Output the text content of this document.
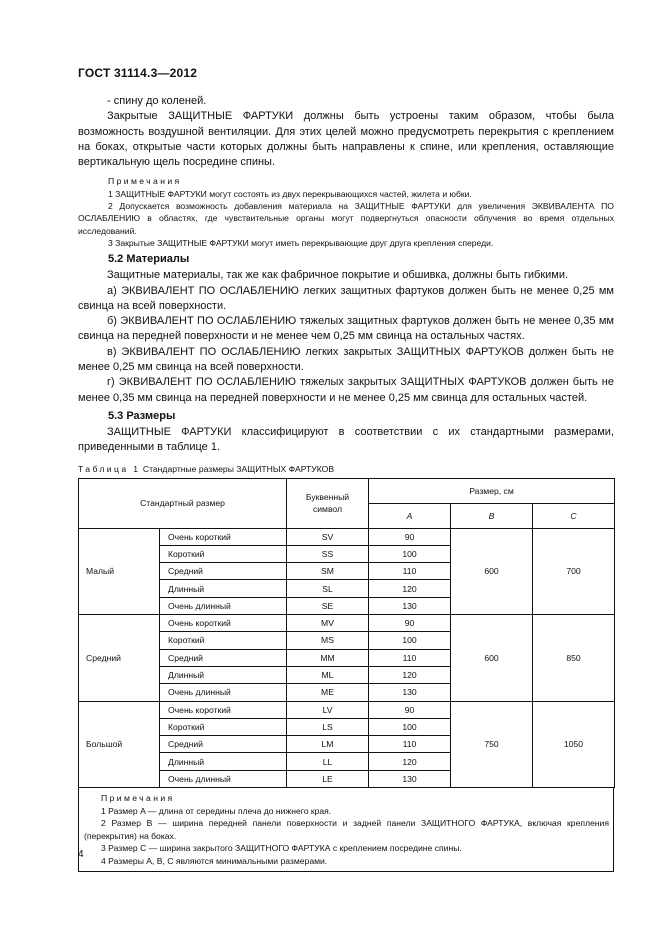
ГОСТ 31114.3—2012

- спину до коленей.

Закрытые ЗАЩИТНЫЕ ФАРТУКИ должны быть устроены таким образом, чтобы была возможность воздушной вентиляции. Для этих целей можно предусмотреть перекрытия с креплением на боках, открытые части которых должны быть направлены к спине, или крепления, оставляющие вертикальную щель посредине спины.

Примечания

1 ЗАЩИТНЫЕ ФАРТУКИ могут состоять из двух перекрывающихся частей, жилета и юбки.

2 Допускается возможность добавления материала на ЗАЩИТНЫЕ ФАРТУКИ для увеличения ЭКВИВАЛЕНТА ПО ОСЛАБЛЕНИЮ в областях, где чувствительные органы могут подвергнуться опасности облучения во время отдельных исследований.

3 Закрытые ЗАЩИТНЫЕ ФАРТУКИ могут иметь перекрывающие друг друга крепления спереди.

5.2 Материалы

Защитные материалы, так же как фабричное покрытие и обшивка, должны быть гибкими.

а) ЭКВИВАЛЕНТ ПО ОСЛАБЛЕНИЮ легких защитных фартуков должен быть не менее 0,25 мм свинца на всей поверхности.

б) ЭКВИВАЛЕНТ ПО ОСЛАБЛЕНИЮ тяжелых защитных фартуков должен быть не менее 0,35 мм свинца на передней поверхности и не менее чем 0,25 мм свинца на остальных частях.

в) ЭКВИВАЛЕНТ ПО ОСЛАБЛЕНИЮ легких закрытых ЗАЩИТНЫХ ФАРТУКОВ должен быть не менее 0,25 мм свинца на всей поверхности.

г) ЭКВИВАЛЕНТ ПО ОСЛАБЛЕНИЮ тяжелых закрытых ЗАЩИТНЫХ ФАРТУКОВ должен быть не менее 0,35 мм свинца на передней поверхности и не менее 0,25 мм свинца для остальных частей.

5.3 Размеры

ЗАЩИТНЫЕ ФАРТУКИ классифицируют в соответствии с их стандартными размерами, приведенными в таблице 1.

Таблица 1 Стандартные размеры ЗАЩИТНЫХ ФАРТУКОВ
Стандартный размер		Буквенный символ	Размер, см		
			A	B	C
Малый	Очень короткий	SV	90	600	700
	Короткий	SS	100		
	Средний	SM	110		
	Длинный	SL	120		
	Очень длинный	SE	130		
Средний	Очень короткий	MV	90	600	850
	Короткий	MS	100		
	Средний	MM	110		
	Длинный	ML	120		
	Очень длинный	ME	130		
Большой	Очень короткий	LV	90	750	1050
	Короткий	LS	100		
	Средний	LM	110		
	Длинный	LL	120		
	Очень длинный	LE	130		

Примечания

1 Размер A — длина от середины плеча до нижнего края.

2 Размер B — ширина передней панели поверхности и задней панели ЗАЩИТНОГО ФАРТУКА, включая крепления (перекрытия) на боках.

3 Размер C — ширина закрытого ЗАЩИТНОГО ФАРТУКА с креплением посредине спины.

4 Размеры A, B, C являются минимальными размерами.

4
